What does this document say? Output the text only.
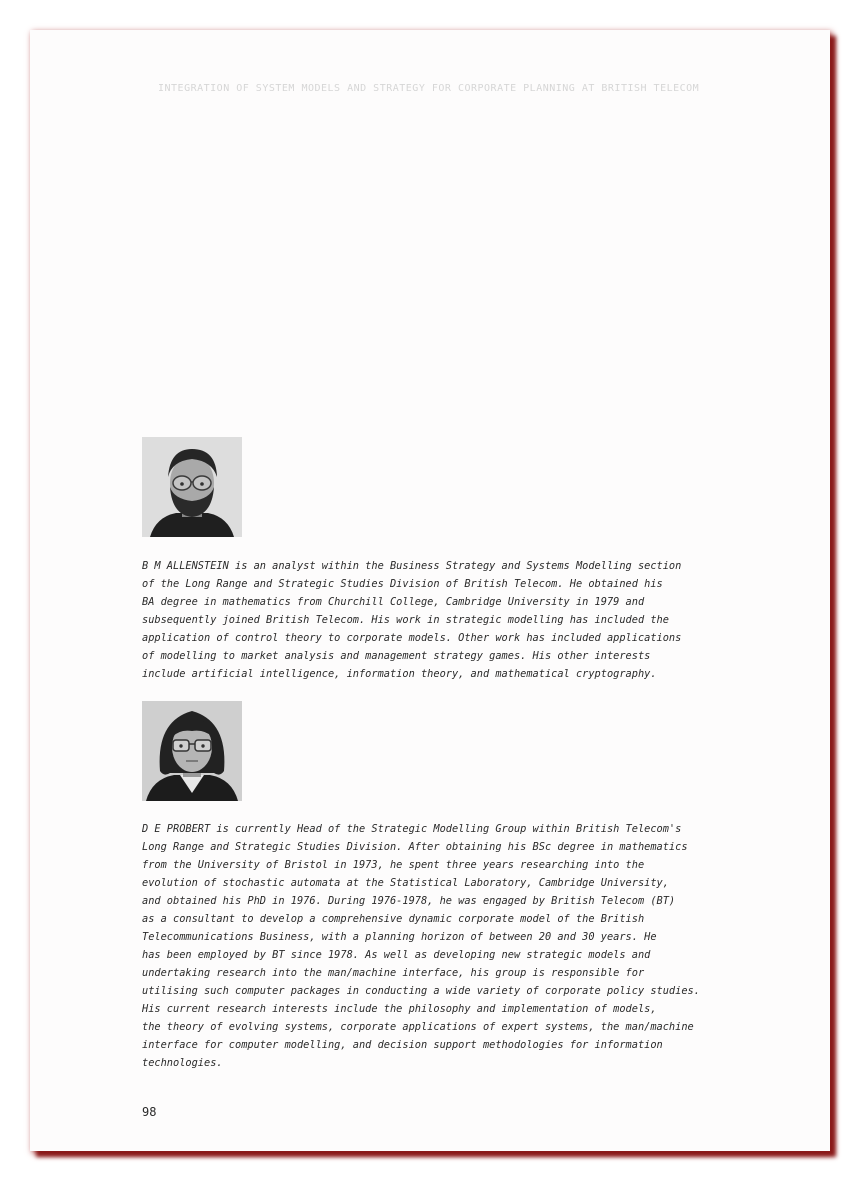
INTEGRATION OF SYSTEM MODELS AND STRATEGY FOR CORPORATE PLANNING AT BRITISH TELECOM

B M ALLENSTEIN is an analyst within the Business Strategy and Systems Modelling section
of the Long Range and Strategic Studies Division of British Telecom. He obtained his
BA degree in mathematics from Churchill College, Cambridge University in 1979 and
subsequently joined British Telecom. His work in strategic modelling has included the
application of control theory to corporate models. Other work has included applications
of modelling to market analysis and management strategy games. His other interests
include artificial intelligence, information theory, and mathematical cryptography.

D E PROBERT is currently Head of the Strategic Modelling Group within British Telecom's
Long Range and Strategic Studies Division. After obtaining his BSc degree in mathematics
from the University of Bristol in 1973, he spent three years researching into the
evolution of stochastic automata at the Statistical Laboratory, Cambridge University,
and obtained his PhD in 1976. During 1976-1978, he was engaged by British Telecom (BT)
as a consultant to develop a comprehensive dynamic corporate model of the British
Telecommunications Business, with a planning horizon of between 20 and 30 years. He
has been employed by BT since 1978. As well as developing new strategic models and
undertaking research into the man/machine interface, his group is responsible for
utilising such computer packages in conducting a wide variety of corporate policy studies.
His current research interests include the philosophy and implementation of models,
the theory of evolving systems, corporate applications of expert systems, the man/machine
interface for computer modelling, and decision support methodologies for information
technologies.

98
